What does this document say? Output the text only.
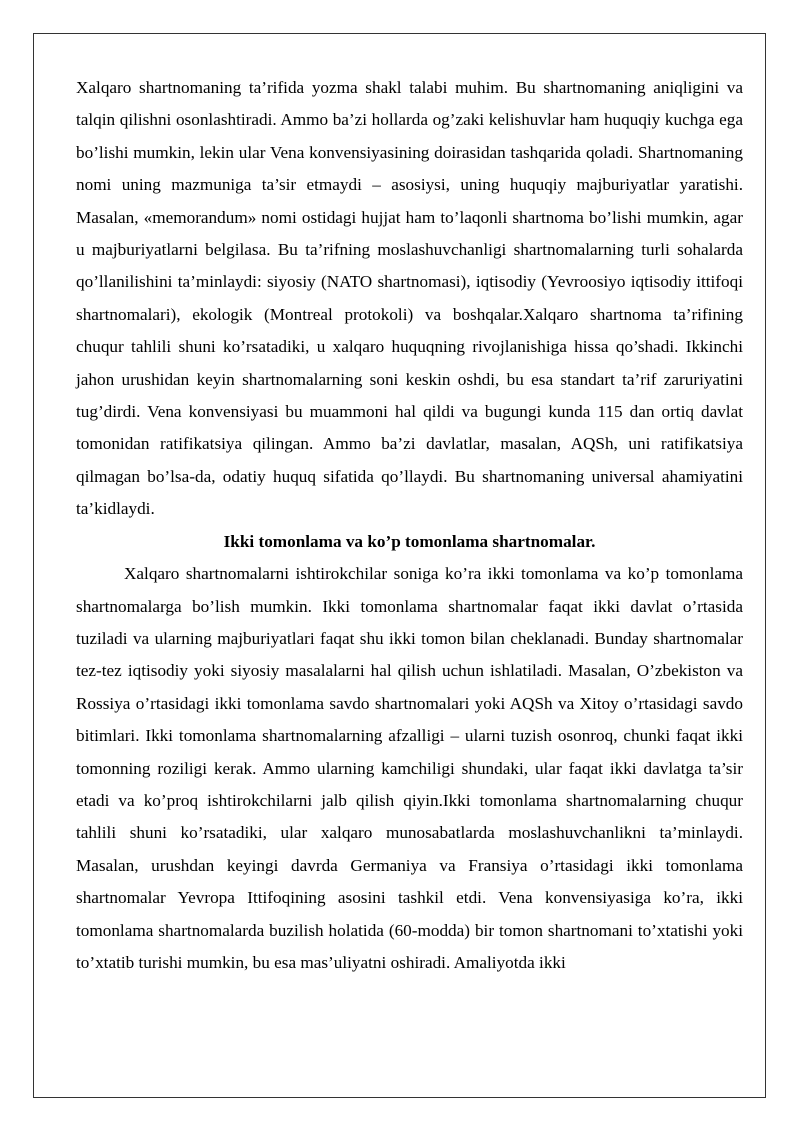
Xalqaro shartnomaning ta’rifida yozma shakl talabi muhim. Bu shartnomaning aniqligini va talqin qilishni osonlashtiradi. Ammo ba’zi hollarda og’zaki kelishuvlar ham huquqiy kuchga ega bo’lishi mumkin, lekin ular Vena konvensiyasining doirasidan tashqarida qoladi. Shartnomaning nomi uning mazmuniga ta’sir etmaydi – asosiysi, uning huquqiy majburiyatlar yaratishi. Masalan, «memorandum» nomi ostidagi hujjat ham to’laqonli shartnoma bo’lishi mumkin, agar u majburiyatlarni belgilasa. Bu ta’rifning moslashuvchanligi shartnomalarning turli sohalarda qo’llanilishini ta’minlaydi: siyosiy (NATO shartnomasi), iqtisodiy (Yevroosiyo iqtisodiy ittifoqi shartnomalari), ekologik (Montreal protokoli) va boshqalar.Xalqaro shartnoma ta’rifining chuqur tahlili shuni ko’rsatadiki, u xalqaro huquqning rivojlanishiga hissa qo’shadi. Ikkinchi jahon urushidan keyin shartnomalarning soni keskin oshdi, bu esa standart ta’rif zaruriyatini tug’dirdi. Vena konvensiyasi bu muammoni hal qildi va bugungi kunda 115 dan ortiq davlat tomonidan ratifikatsiya qilingan. Ammo ba’zi davlatlar, masalan, AQSh, uni ratifikatsiya qilmagan bo’lsa-da, odatiy huquq sifatida qo’llaydi. Bu shartnomaning universal ahamiyatini ta’kidlaydi.

Ikki tomonlama va ko’p tomonlama shartnomalar.

Xalqaro shartnomalarni ishtirokchilar soniga ko’ra ikki tomonlama va ko’p tomonlama shartnomalarga bo’lish mumkin. Ikki tomonlama shartnomalar faqat ikki davlat o’rtasida tuziladi va ularning majburiyatlari faqat shu ikki tomon bilan cheklanadi. Bunday shartnomalar tez-tez iqtisodiy yoki siyosiy masalalarni hal qilish uchun ishlatiladi. Masalan, O’zbekiston va Rossiya o’rtasidagi ikki tomonlama savdo shartnomalari yoki AQSh va Xitoy o’rtasidagi savdo bitimlari. Ikki tomonlama shartnomalarning afzalligi – ularni tuzish osonroq, chunki faqat ikki tomonning roziligi kerak. Ammo ularning kamchiligi shundaki, ular faqat ikki davlatga ta’sir etadi va ko’proq ishtirokchilarni jalb qilish qiyin.Ikki tomonlama shartnomalarning chuqur tahlili shuni ko’rsatadiki, ular xalqaro munosabatlarda moslashuvchanlikni ta’minlaydi. Masalan, urushdan keyingi davrda Germaniya va Fransiya o’rtasidagi ikki tomonlama shartnomalar Yevropa Ittifoqining asosini tashkil etdi. Vena konvensiyasiga ko’ra, ikki tomonlama shartnomalarda buzilish holatida (60-modda) bir tomon shartnomani to’xtatishi yoki to’xtatib turishi mumkin, bu esa mas’uliyatni oshiradi. Amaliyotda ikki
